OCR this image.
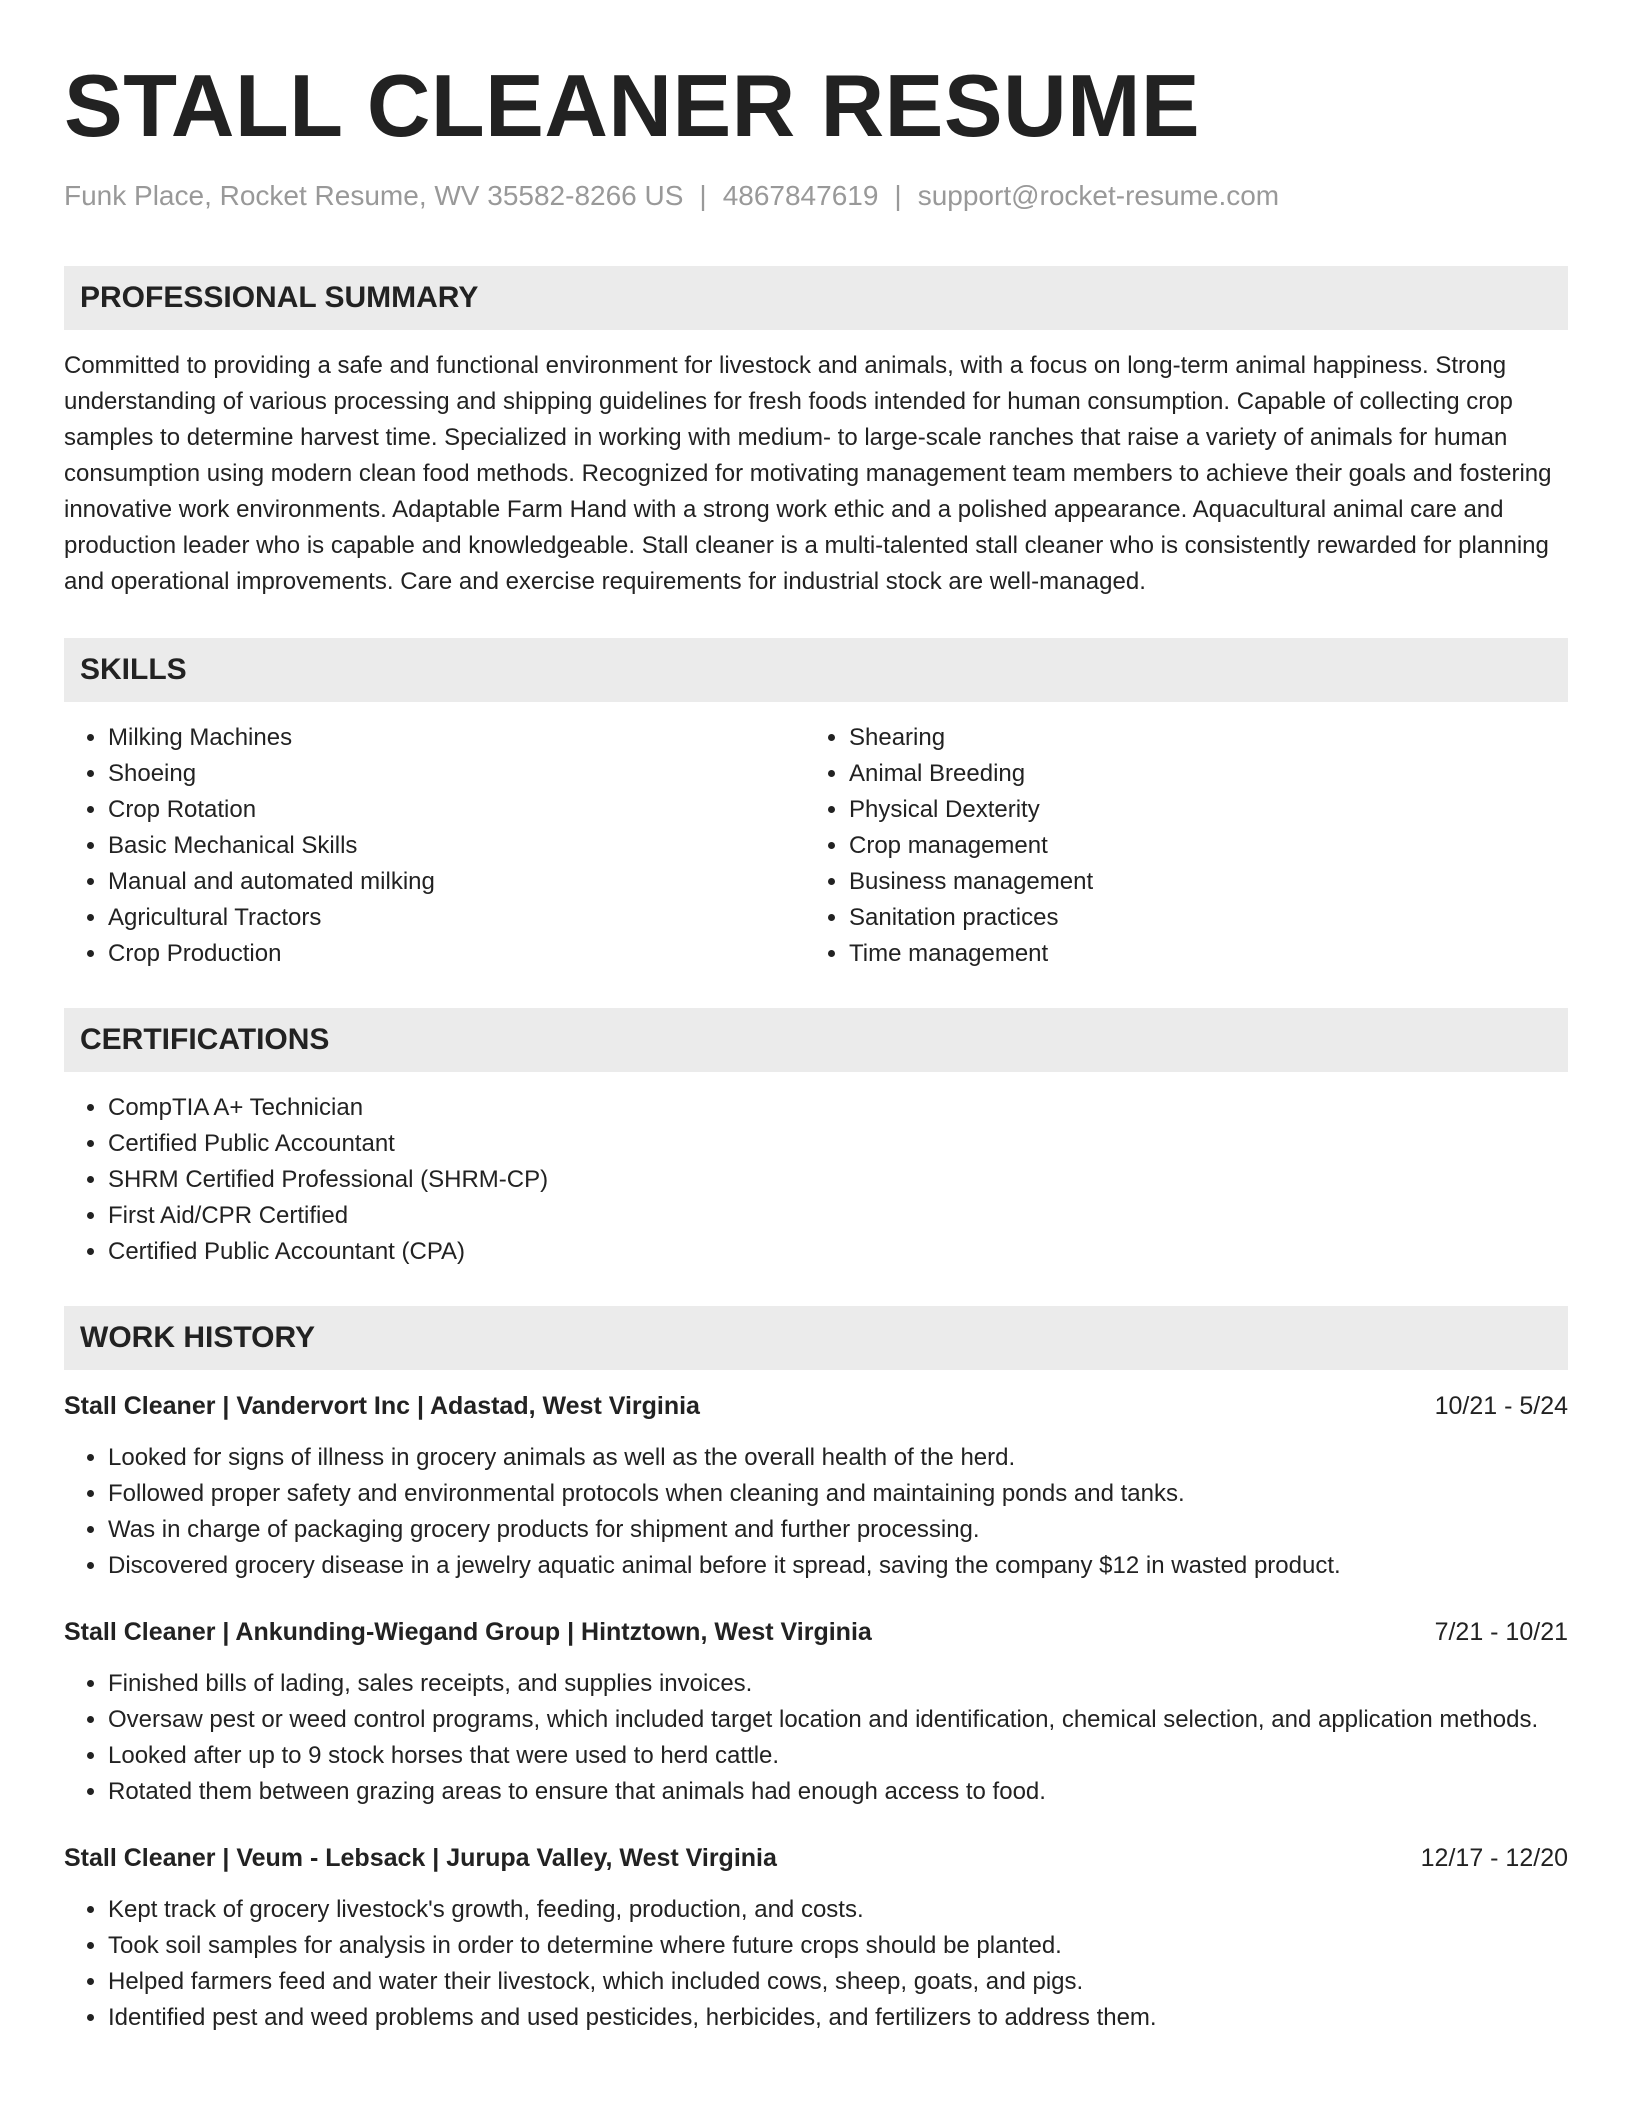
STALL CLEANER RESUME
Funk Place, Rocket Resume, WV 35582-8266 US | 4867847619 | support@rocket-resume.com
PROFESSIONAL SUMMARY

Committed to providing a safe and functional environment for livestock and animals, with a focus on long-term animal happiness. Strong understanding of various processing and shipping guidelines for fresh foods intended for human consumption. Capable of collecting crop samples to determine harvest time. Specialized in working with medium- to large-scale ranches that raise a variety of animals for human consumption using modern clean food methods. Recognized for motivating management team members to achieve their goals and fostering innovative work environments. Adaptable Farm Hand with a strong work ethic and a polished appearance. Aquacultural animal care and production leader who is capable and knowledgeable. Stall cleaner is a multi-talented stall cleaner who is consistently rewarded for planning and operational improvements. Care and exercise requirements for industrial stock are well-managed.

SKILLS
• Milking Machines
• Shoeing
• Crop Rotation
• Basic Mechanical Skills
• Manual and automated milking
• Agricultural Tractors
• Crop Production
• Shearing
• Animal Breeding
• Physical Dexterity
• Crop management
• Business management
• Sanitation practices
• Time management
CERTIFICATIONS
• CompTIA A+ Technician
• Certified Public Accountant
• SHRM Certified Professional (SHRM-CP)
• First Aid/CPR Certified
• Certified Public Accountant (CPA)
WORK HISTORY
Stall Cleaner | Vandervort Inc | Adastad, West Virginia	10/21 - 5/24
• Looked for signs of illness in grocery animals as well as the overall health of the herd.
• Followed proper safety and environmental protocols when cleaning and maintaining ponds and tanks.
• Was in charge of packaging grocery products for shipment and further processing.
• Discovered grocery disease in a jewelry aquatic animal before it spread, saving the company $12 in wasted product.
Stall Cleaner | Ankunding-Wiegand Group | Hintztown, West Virginia	7/21 - 10/21
• Finished bills of lading, sales receipts, and supplies invoices.
• Oversaw pest or weed control programs, which included target location and identification, chemical selection, and application methods.
• Looked after up to 9 stock horses that were used to herd cattle.
• Rotated them between grazing areas to ensure that animals had enough access to food.
Stall Cleaner | Veum - Lebsack | Jurupa Valley, West Virginia	12/17 - 12/20
• Kept track of grocery livestock's growth, feeding, production, and costs.
• Took soil samples for analysis in order to determine where future crops should be planted.
• Helped farmers feed and water their livestock, which included cows, sheep, goats, and pigs.
• Identified pest and weed problems and used pesticides, herbicides, and fertilizers to address them.
